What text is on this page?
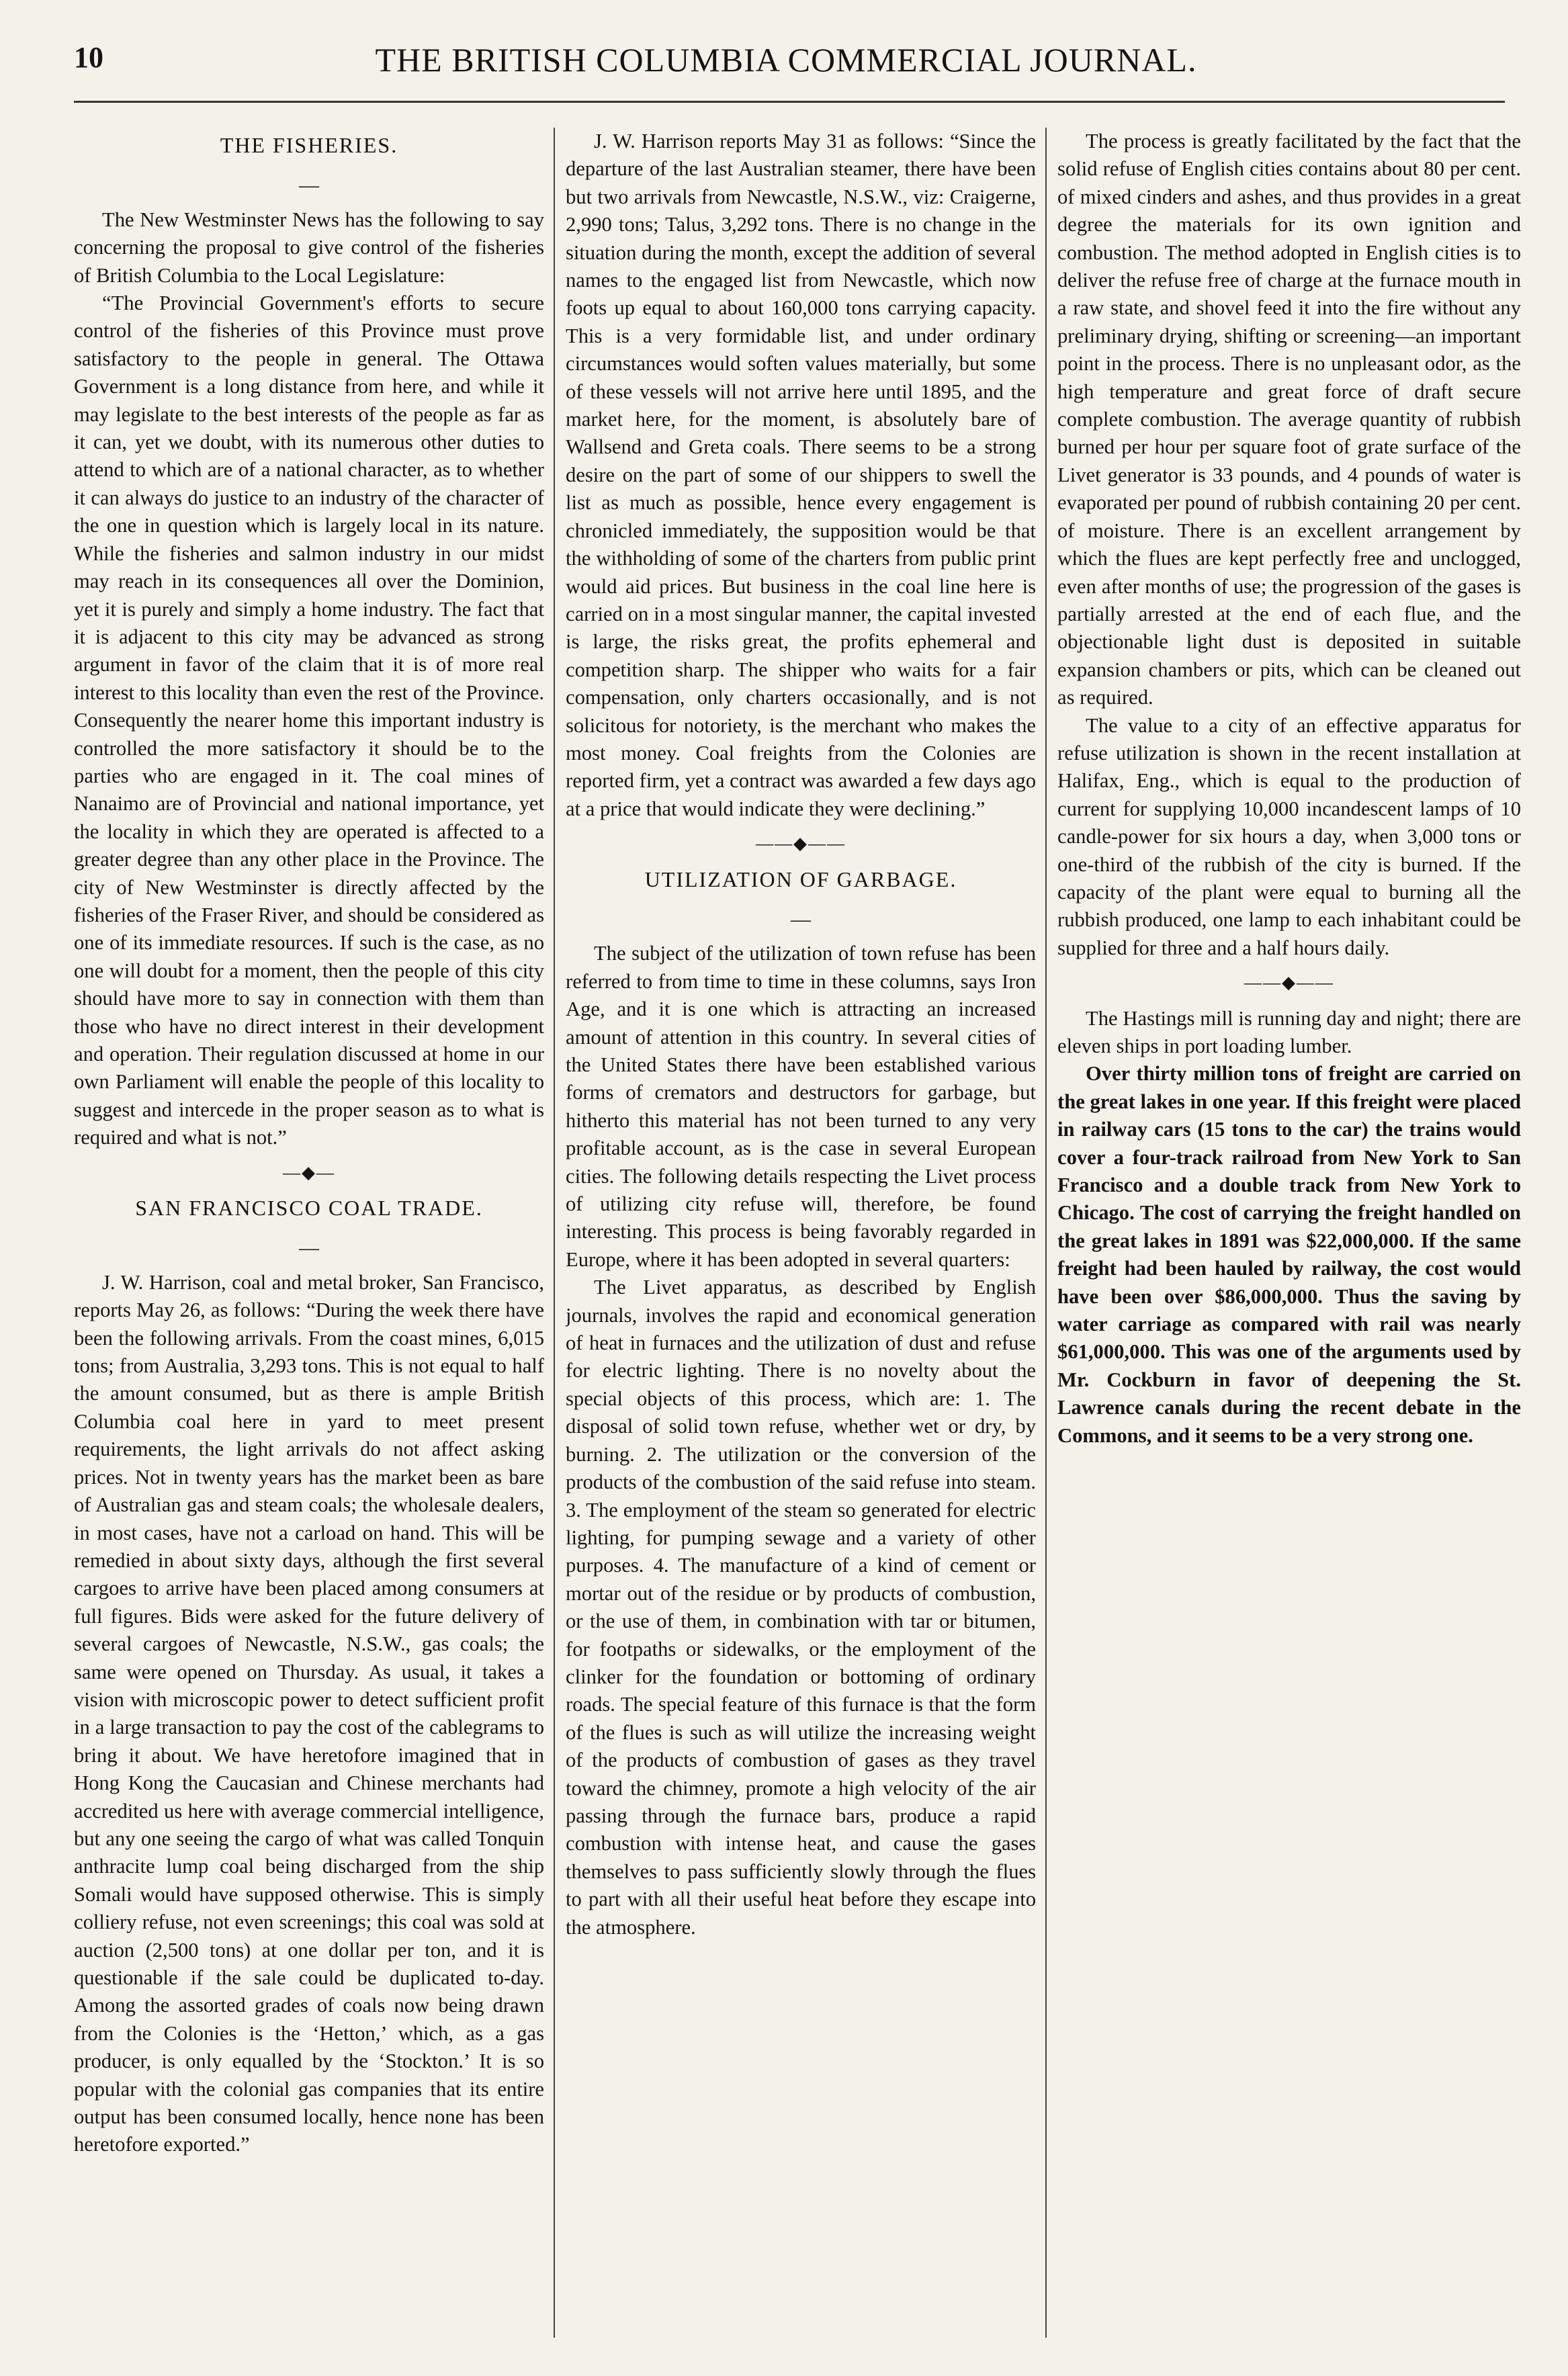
10	THE BRITISH COLUMBIA COMMERCIAL JOURNAL.
THE FISHERIES.
—

The New Westminster News has the following to say concerning the proposal to give control of the fisheries of British Columbia to the Local Legislature:

“The Provincial Government's efforts to secure control of the fisheries of this Province must prove satisfactory to the people in general. The Ottawa Government is a long distance from here, and while it may legislate to the best interests of the people as far as it can, yet we doubt, with its numerous other duties to attend to which are of a national character, as to whether it can always do justice to an industry of the character of the one in question which is largely local in its nature. While the fisheries and salmon industry in our midst may reach in its consequences all over the Dominion, yet it is purely and simply a home industry. The fact that it is adjacent to this city may be advanced as strong argument in favor of the claim that it is of more real interest to this locality than even the rest of the Province. Consequently the nearer home this important industry is controlled the more satisfactory it should be to the parties who are engaged in it. The coal mines of Nanaimo are of Provincial and national importance, yet the locality in which they are operated is affected to a greater degree than any other place in the Province. The city of New Westminster is directly affected by the fisheries of the Fraser River, and should be considered as one of its immediate resources. If such is the case, as no one will doubt for a moment, then the people of this city should have more to say in connection with them than those who have no direct interest in their development and operation. Their regulation discussed at home in our own Parliament will enable the people of this locality to suggest and intercede in the proper season as to what is required and what is not.”

—◆—
SAN FRANCISCO COAL TRADE.
—

J. W. Harrison, coal and metal broker, San Francisco, reports May 26, as follows: “During the week there have been the following arrivals. From the coast mines, 6,015 tons; from Australia, 3,293 tons. This is not equal to half the amount consumed, but as there is ample British Columbia coal here in yard to meet present requirements, the light arrivals do not affect asking prices. Not in twenty years has the market been as bare of Australian gas and steam coals; the wholesale dealers, in most cases, have not a carload on hand. This will be remedied in about sixty days, although the first several cargoes to arrive have been placed among consumers at full figures. Bids were asked for the future delivery of several cargoes of Newcastle, N.S.W., gas coals; the same were opened on Thursday. As usual, it takes a vision with microscopic power to detect sufficient profit in a large transaction to pay the cost of the cablegrams to bring it about. We have heretofore imagined that in Hong Kong the Caucasian and Chinese merchants had accredited us here with average commercial intelligence, but any one seeing the cargo of what was called Tonquin anthracite lump coal being discharged from the ship Somali would have supposed otherwise. This is simply colliery refuse, not even screenings; this coal was sold at auction (2,500 tons) at one dollar per ton, and it is questionable if the sale could be duplicated to-day. Among the assorted grades of coals now being drawn from the Colonies is the ‘Hetton,’ which, as a gas producer, is only equalled by the ‘Stockton.’ It is so popular with the colonial gas companies that its entire output has been consumed locally, hence none has been heretofore exported.”

J. W. Harrison reports May 31 as follows: “Since the departure of the last Australian steamer, there have been but two arrivals from Newcastle, N.S.W., viz: Craigerne, 2,990 tons; Talus, 3,292 tons. There is no change in the situation during the month, except the addition of several names to the engaged list from Newcastle, which now foots up equal to about 160,000 tons carrying capacity. This is a very formidable list, and under ordinary circumstances would soften values materially, but some of these vessels will not arrive here until 1895, and the market here, for the moment, is absolutely bare of Wallsend and Greta coals. There seems to be a strong desire on the part of some of our shippers to swell the list as much as possible, hence every engagement is chronicled immediately, the supposition would be that the withholding of some of the charters from public print would aid prices. But business in the coal line here is carried on in a most singular manner, the capital invested is large, the risks great, the profits ephemeral and competition sharp. The shipper who waits for a fair compensation, only charters occasionally, and is not solicitous for notoriety, is the merchant who makes the most money. Coal freights from the Colonies are reported firm, yet a contract was awarded a few days ago at a price that would indicate they were declining.”

——◆——
UTILIZATION OF GARBAGE.
—

The subject of the utilization of town refuse has been referred to from time to time in these columns, says Iron Age, and it is one which is attracting an increased amount of attention in this country. In several cities of the United States there have been established various forms of cremators and destructors for garbage, but hitherto this material has not been turned to any very profitable account, as is the case in several European cities. The following details respecting the Livet process of utilizing city refuse will, therefore, be found interesting. This process is being favorably regarded in Europe, where it has been adopted in several quarters:

The Livet apparatus, as described by English journals, involves the rapid and economical generation of heat in furnaces and the utilization of dust and refuse for electric lighting. There is no novelty about the special objects of this process, which are: 1. The disposal of solid town refuse, whether wet or dry, by burning. 2. The utilization or the conversion of the products of the combustion of the said refuse into steam. 3. The employment of the steam so generated for electric lighting, for pumping sewage and a variety of other purposes. 4. The manufacture of a kind of cement or mortar out of the residue or by products of combustion, or the use of them, in combination with tar or bitumen, for footpaths or sidewalks, or the employment of the clinker for the foundation or bottoming of ordinary roads. The special feature of this furnace is that the form of the flues is such as will utilize the increasing weight of the products of combustion of gases as they travel toward the chimney, promote a high velocity of the air passing through the furnace bars, produce a rapid combustion with intense heat, and cause the gases themselves to pass sufficiently slowly through the flues to part with all their useful heat before they escape into the atmosphere.

The process is greatly facilitated by the fact that the solid refuse of English cities contains about 80 per cent. of mixed cinders and ashes, and thus provides in a great degree the materials for its own ignition and combustion. The method adopted in English cities is to deliver the refuse free of charge at the furnace mouth in a raw state, and shovel feed it into the fire without any preliminary drying, shifting or screening—an important point in the process. There is no unpleasant odor, as the high temperature and great force of draft secure complete combustion. The average quantity of rubbish burned per hour per square foot of grate surface of the Livet generator is 33 pounds, and 4 pounds of water is evaporated per pound of rubbish containing 20 per cent. of moisture. There is an excellent arrangement by which the flues are kept perfectly free and unclogged, even after months of use; the progression of the gases is partially arrested at the end of each flue, and the objectionable light dust is deposited in suitable expansion chambers or pits, which can be cleaned out as required.

The value to a city of an effective apparatus for refuse utilization is shown in the recent installation at Halifax, Eng., which is equal to the production of current for supplying 10,000 incandescent lamps of 10 candle-power for six hours a day, when 3,000 tons or one-third of the rubbish of the city is burned. If the capacity of the plant were equal to burning all the rubbish produced, one lamp to each inhabitant could be supplied for three and a half hours daily.

——◆——

The Hastings mill is running day and night; there are eleven ships in port loading lumber.

Over thirty million tons of freight are carried on the great lakes in one year. If this freight were placed in railway cars (15 tons to the car) the trains would cover a four-track railroad from New York to San Francisco and a double track from New York to Chicago. The cost of carrying the freight handled on the great lakes in 1891 was $22,000,000. If the same freight had been hauled by railway, the cost would have been over $86,000,000. Thus the saving by water carriage as compared with rail was nearly $61,000,000. This was one of the arguments used by Mr. Cockburn in favor of deepening the St. Lawrence canals during the recent debate in the Commons, and it seems to be a very strong one.
